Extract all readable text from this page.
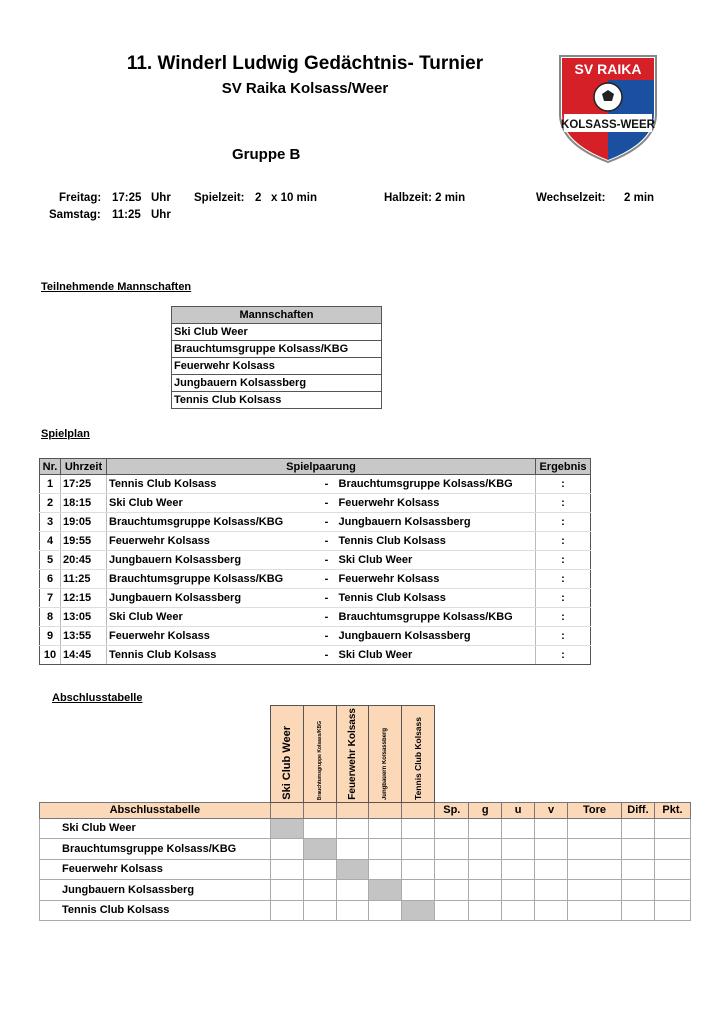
11. Winderl Ludwig Gedächtnis- Turnier
SV Raika Kolsass/Weer
Gruppe B
SV RAIKA
KOLSASS-WEER
Freitag: 17:25 Uhr
Samstag: 11:25 Uhr
Spielzeit: 2   x 10 min	Halbzeit: 2 min	Wechselzeit: 2 min
Teilnehmende Mannschaften
Mannschaften
Ski Club Weer
Brauchtumsgruppe Kolsass/KBG
Feuerwehr Kolsass
Jungbauern Kolsassberg
Tennis Club Kolsass
Spielplan
Nr.	Uhrzeit	Spielpaarung			Ergebnis
1	17:25	Tennis Club Kolsass	-	Brauchtumsgruppe Kolsass/KBG	:
2	18:15	Ski Club Weer	-	Feuerwehr Kolsass	:
3	19:05	Brauchtumsgruppe Kolsass/KBG	-	Jungbauern Kolsassberg	:
4	19:55	Feuerwehr Kolsass	-	Tennis Club Kolsass	:
5	20:45	Jungbauern Kolsassberg	-	Ski Club Weer	:
6	11:25	Brauchtumsgruppe Kolsass/KBG	-	Feuerwehr Kolsass	:
7	12:15	Jungbauern Kolsassberg	-	Tennis Club Kolsass	:
8	13:05	Ski Club Weer	-	Brauchtumsgruppe Kolsass/KBG	:
9	13:55	Feuerwehr Kolsass	-	Jungbauern Kolsassberg	:
10	14:45	Tennis Club Kolsass	-	Ski Club Weer	:
Abschlusstabelle

	Ski Club Weer	Brauchtumsgruppe Kolsass/KBG	Feuerwehr Kolsass	Jungbauern Kolsassberg	Tennis Club Kolsass							

Abschlusstabelle						Sp.	g	u	v	Tore	Diff.	Pkt.
Ski Club Weer												
Brauchtumsgruppe Kolsass/KBG												
Feuerwehr Kolsass												
Jungbauern Kolsassberg												
Tennis Club Kolsass												
